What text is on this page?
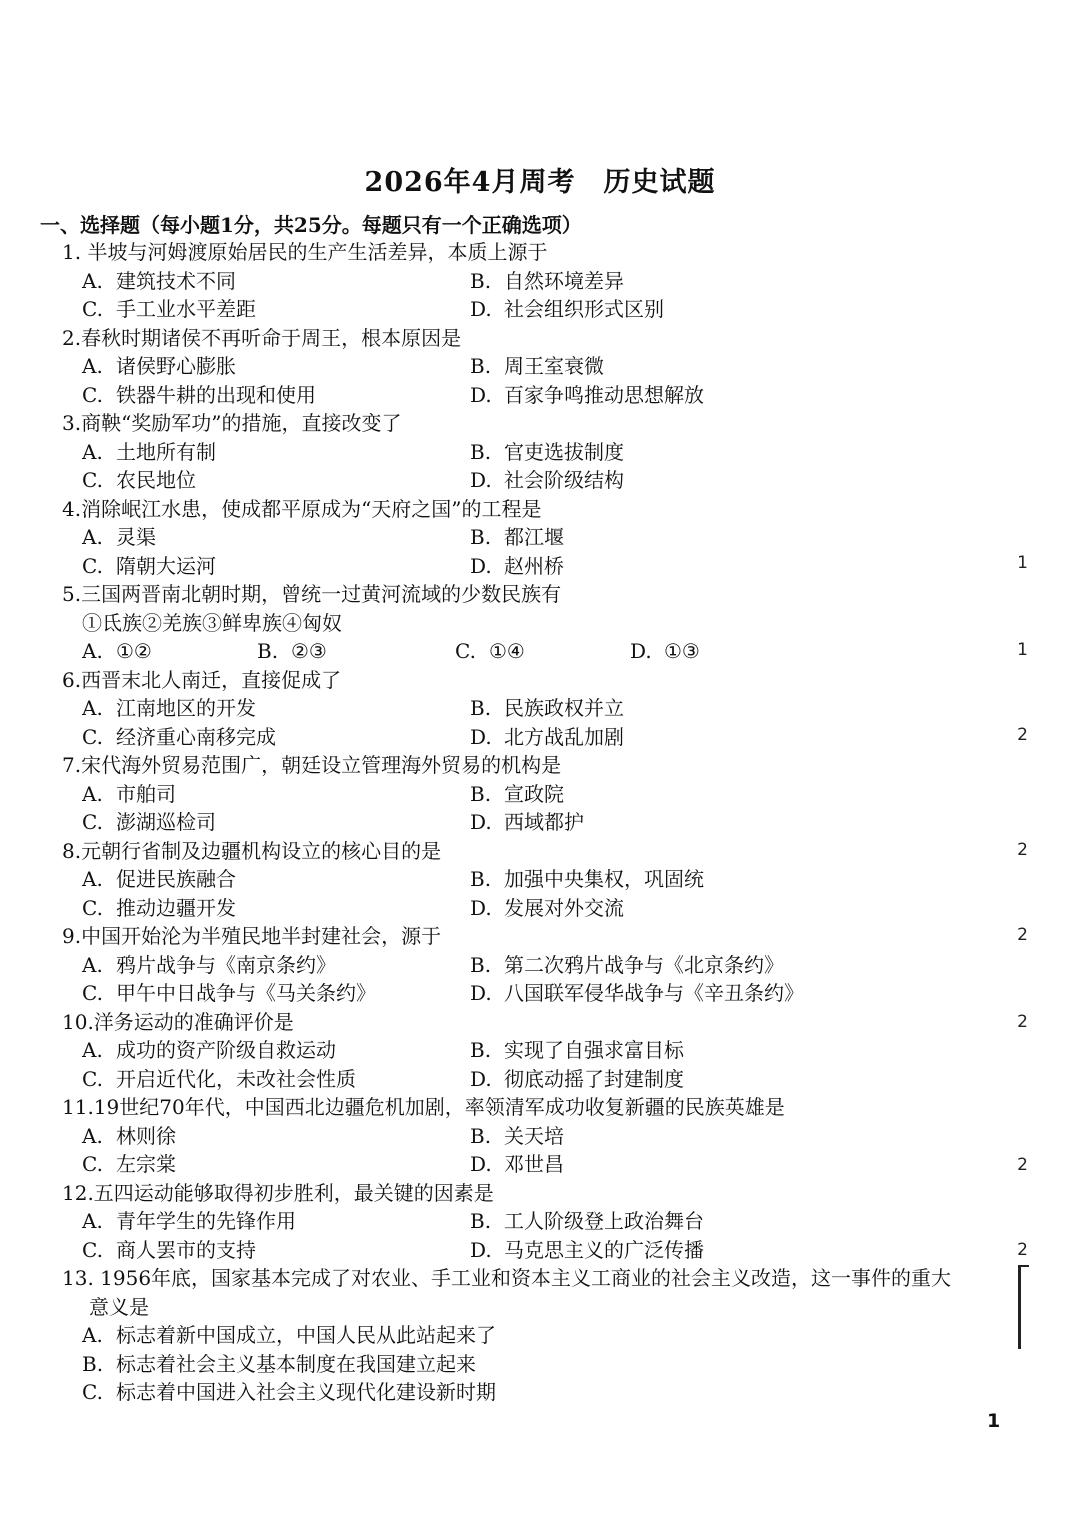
2026年4月周考　历史试题
一、选择题（每小题1分，共25分。每题只有一个正确选项）
1. 半坡与河姆渡原始居民的生产生活差异，本质上源于
A. 建筑技术不同	B. 自然环境差异
C. 手工业水平差距	D. 社会组织形式区别
2.春秋时期诸侯不再听命于周王，根本原因是
A. 诸侯野心膨胀	B. 周王室衰微
C. 铁器牛耕的出现和使用	D. 百家争鸣推动思想解放
3.商鞅“奖励军功”的措施，直接改变了
A. 土地所有制	B. 官吏选拔制度
C. 农民地位	D. 社会阶级结构
4.消除岷江水患，使成都平原成为“天府之国”的工程是
A. 灵渠	B. 都江堰
C. 隋朝大运河	D. 赵州桥
5.三国两晋南北朝时期，曾统一过黄河流域的少数民族有
①氐族②羌族③鲜卑族④匈奴
A. ①②	B. ②③	C. ①④	D. ①③
6.西晋末北人南迁，直接促成了
A. 江南地区的开发	B. 民族政权并立
C. 经济重心南移完成	D. 北方战乱加剧
7.宋代海外贸易范围广，朝廷设立管理海外贸易的机构是
A. 市舶司	B. 宣政院
C. 澎湖巡检司	D. 西域都护
8.元朝行省制及边疆机构设立的核心目的是
A. 促进民族融合	B. 加强中央集权，巩固统
C. 推动边疆开发	D. 发展对外交流
9.中国开始沦为半殖民地半封建社会，源于
A. 鸦片战争与《南京条约》	B. 第二次鸦片战争与《北京条约》
C. 甲午中日战争与《马关条约》	D. 八国联军侵华战争与《辛丑条约》
10.洋务运动的准确评价是
A. 成功的资产阶级自救运动	B. 实现了自强求富目标
C. 开启近代化，未改社会性质	D. 彻底动摇了封建制度
11.19世纪70年代，中国西北边疆危机加剧，率领清军成功收复新疆的民族英雄是
A. 林则徐	B. 关天培
C. 左宗棠	D. 邓世昌
12.五四运动能够取得初步胜利，最关键的因素是
A. 青年学生的先锋作用	B. 工人阶级登上政治舞台
C. 商人罢市的支持	D. 马克思主义的广泛传播
13. 1956年底，国家基本完成了对农业、手工业和资本主义工商业的社会主义改造，这一事件的重大
意义是
A. 标志着新中国成立，中国人民从此站起来了
B. 标志着社会主义基本制度在我国建立起来
C. 标志着中国进入社会主义现代化建设新时期
1
1
2
2
2
2
2
2
1
